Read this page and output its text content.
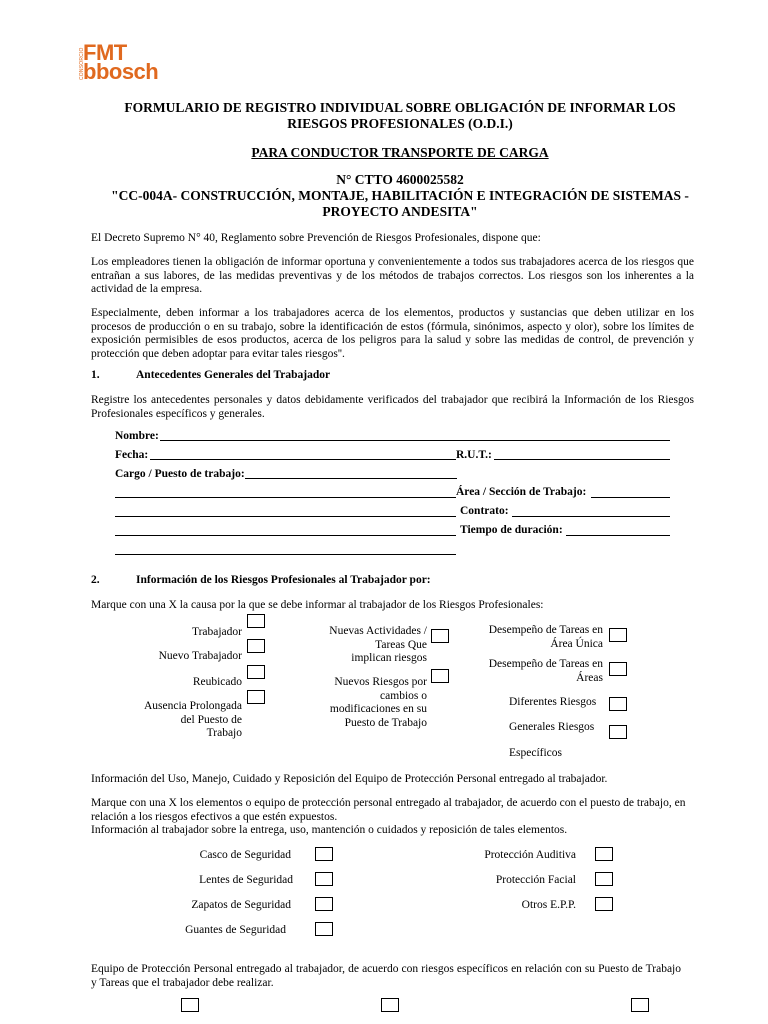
CONSORCIO
FMT
bbosch
FORMULARIO DE REGISTRO INDIVIDUAL SOBRE OBLIGACIÓN DE INFORMAR LOS
RIESGOS PROFESIONALES (O.D.I.)
PARA CONDUCTOR TRANSPORTE DE CARGA
N° CTTO 4600025582
"CC-004A- CONSTRUCCIÓN, MONTAJE, HABILITACIÓN E INTEGRACIÓN DE SISTEMAS -
PROYECTO ANDESITA"
El Decreto Supremo N° 40, Reglamento sobre Prevención de Riesgos Profesionales, dispone que:
Los empleadores tienen la obligación de informar oportuna y convenientemente a todos sus trabajadores acerca de los riesgos que entrañan a sus labores, de las medidas preventivas y de los métodos de trabajos correctos. Los riesgos son los inherentes a la actividad de la empresa.
Especialmente, deben informar a los trabajadores acerca de los elementos, productos y sustancias que deben utilizar en los procesos de producción o en su trabajo, sobre la identificación de estos (fórmula, sinónimos, aspecto y olor), sobre los límites de exposición permisibles de esos productos, acerca de los peligros para la salud y sobre las medidas de control, de prevención y protección que deben adoptar para evitar tales riesgos''.
1.	Antecedentes Generales del Trabajador
Registre los antecedentes personales y datos debidamente verificados del trabajador que recibirá la Información de los Riesgos Profesionales específicos y generales.
Nombre:
Fecha:	R.U.T.:
Cargo / Puesto de trabajo:
Área / Sección de Trabajo:
Contrato:
Tiempo de duración:
2.	Información de los Riesgos Profesionales al Trabajador por:
Marque con una X la causa por la que se debe informar al trabajador de los Riesgos Profesionales:
Trabajador
Nuevo Trabajador
Reubicado
Ausencia Prolongada
del Puesto de
Trabajo
Nuevas Actividades /
Tareas Que
implican riesgos
Nuevos Riesgos por
cambios o
modificaciones en su
Puesto de Trabajo
Desempeño de Tareas en
Área Única
Desempeño de Tareas en
Áreas
Diferentes Riesgos
Generales Riesgos
Específicos
Información del Uso, Manejo, Cuidado y Reposición del Equipo de Protección Personal entregado al trabajador.
Marque con una X los elementos o equipo de protección personal entregado al trabajador, de acuerdo con el puesto de trabajo, en
relación a los riesgos efectivos a que estén expuestos.
Información al trabajador sobre la entrega, uso, mantención o cuidados y reposición de tales elementos.
Casco de Seguridad
Lentes de Seguridad
Zapatos de Seguridad
Guantes de Seguridad
Protección Auditiva
Protección Facial
Otros E.P.P.
Equipo de Protección Personal entregado al trabajador, de acuerdo con riesgos específicos en relación con su Puesto de Trabajo y Tareas que el trabajador debe realizar.
